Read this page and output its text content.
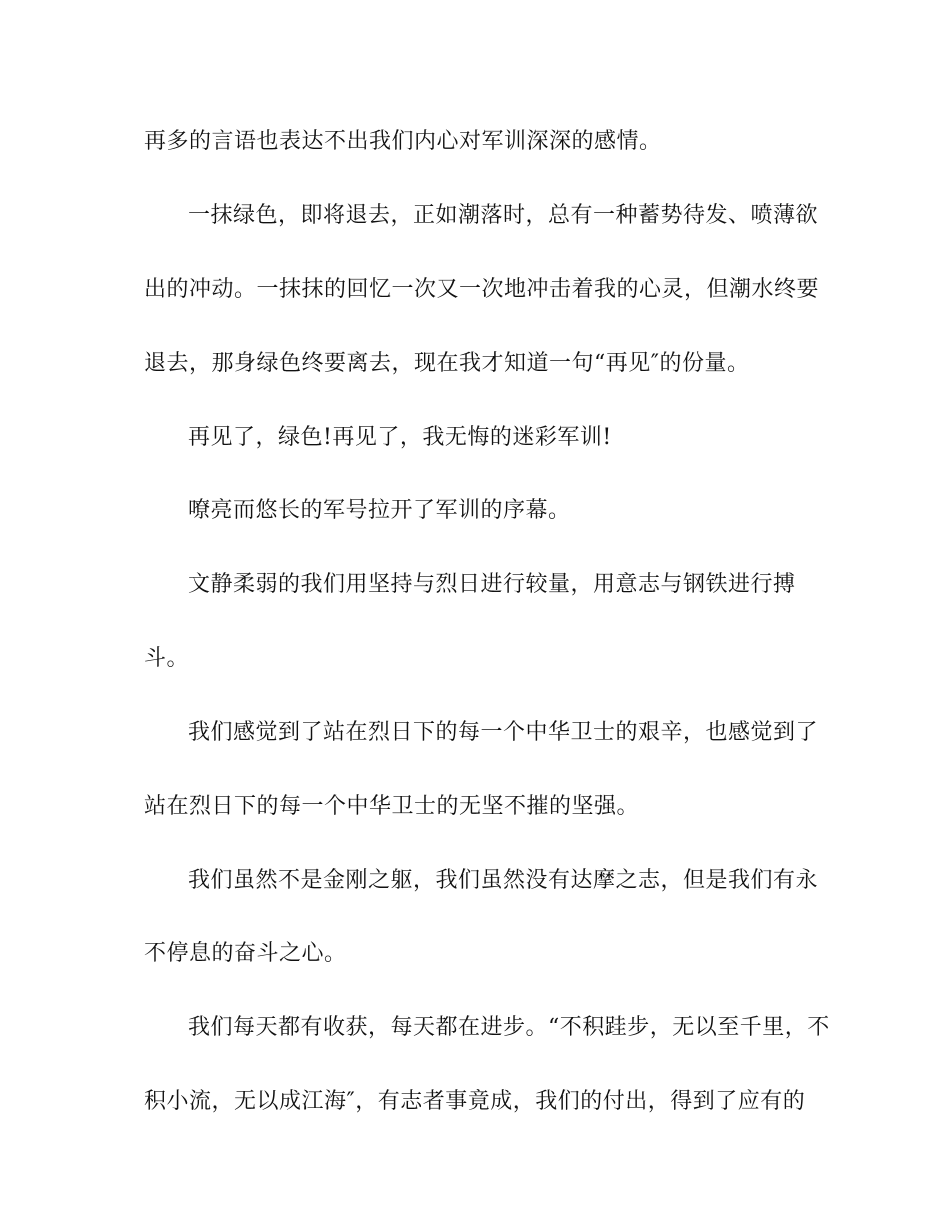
再多的言语也表达不出我们内心对军训深深的感情。
一抹绿色，即将退去，正如潮落时，总有一种蓄势待发、喷薄欲
出的冲动。一抹抹的回忆一次又一次地冲击着我的心灵，但潮水终要
退去，那身绿色终要离去，现在我才知道一句“再见″的份量。
再见了，绿色!再见了，我无悔的迷彩军训!
嘹亮而悠长的军号拉开了军训的序幕。
文静柔弱的我们用坚持与烈日进行较量，用意志与钢铁进行搏
斗。
我们感觉到了站在烈日下的每一个中华卫士的艰辛，也感觉到了
站在烈日下的每一个中华卫士的无坚不摧的坚强。
我们虽然不是金刚之躯，我们虽然没有达摩之志，但是我们有永
不停息的奋斗之心。
我们每天都有收获，每天都在进步。“不积跬步，无以至千里，不
积小流，无以成江海″，有志者事竟成，我们的付出，得到了应有的
